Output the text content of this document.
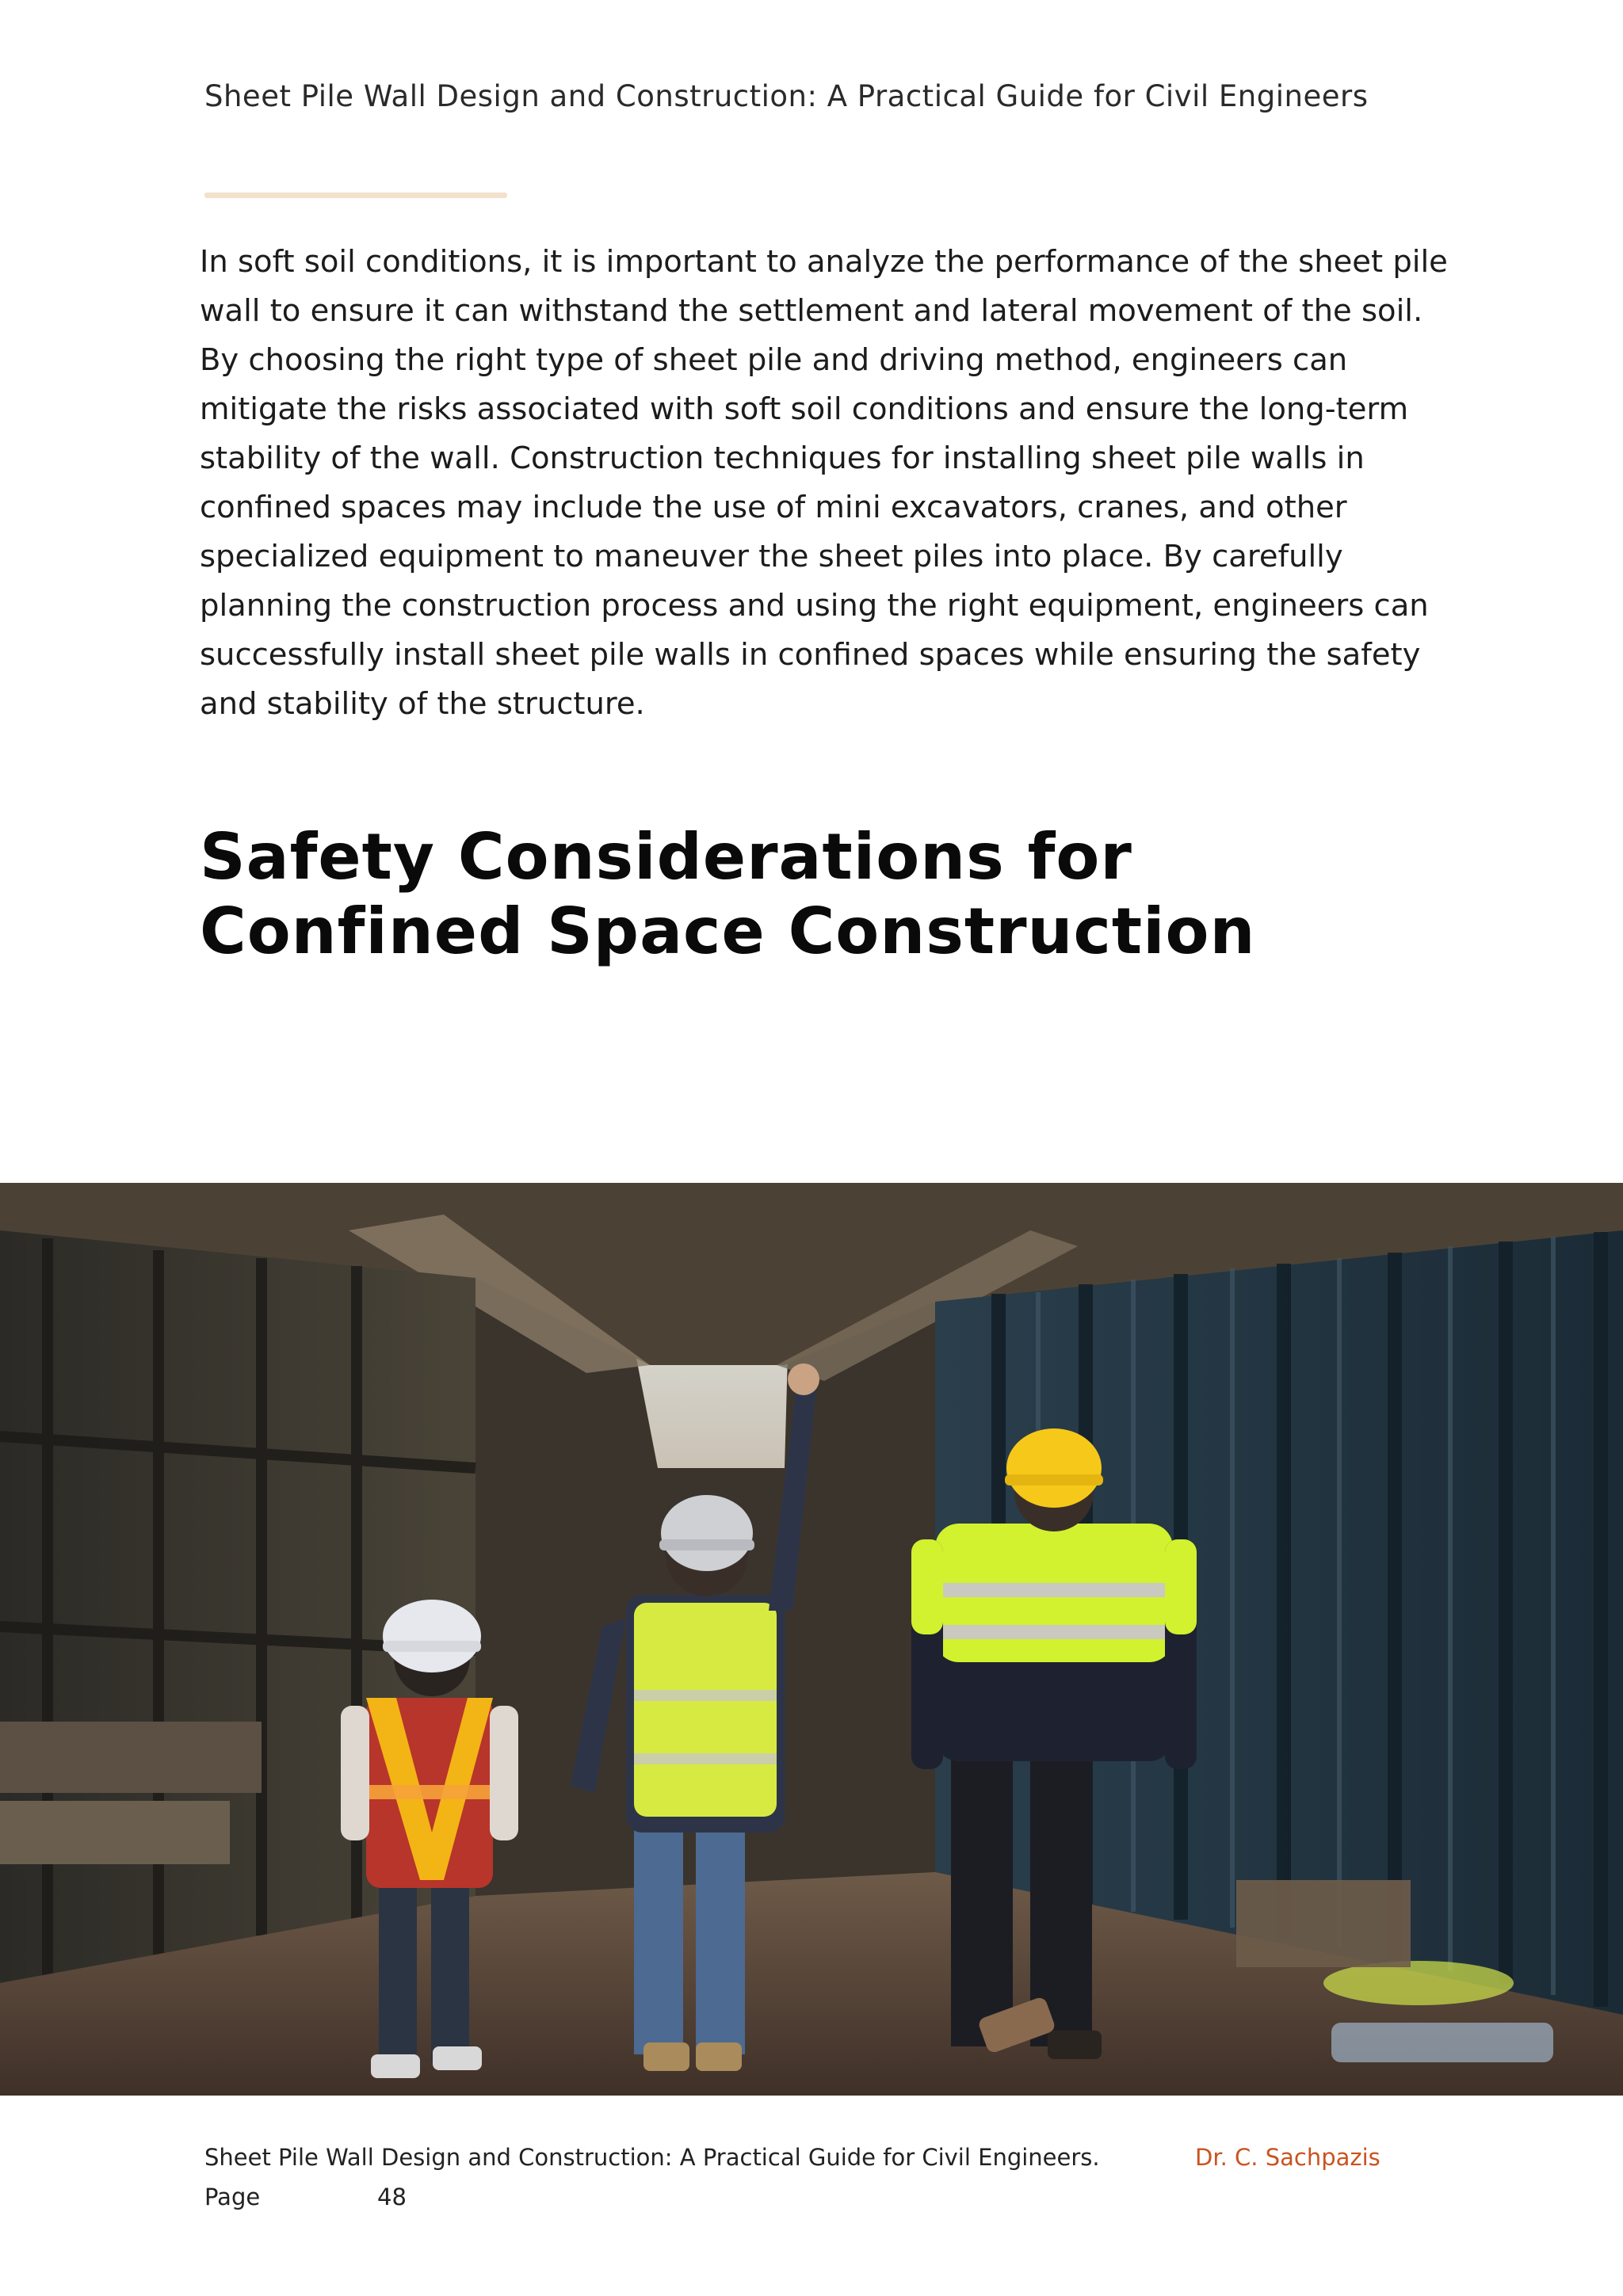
Sheet Pile Wall Design and Construction: A Practical Guide for Civil Engineers

In soft soil conditions, it is important to analyze the performance of the sheet pile wall to ensure it can withstand the settlement and lateral movement of the soil. By choosing the right type of sheet pile and driving method, engineers can mitigate the risks associated with soft soil conditions and ensure the long-term stability of the wall. Construction techniques for installing sheet pile walls in confined spaces may include the use of mini excavators, cranes, and other specialized equipment to maneuver the sheet piles into place. By carefully planning the construction process and using the right equipment, engineers can successfully install sheet pile walls in confined spaces while ensuring the safety and stability of the structure.

Safety Considerations for Confined Space Construction
Sheet Pile Wall Design and Construction: A Practical Guide for Civil Engineers.	Dr. C. Sachpazis
Page	48
